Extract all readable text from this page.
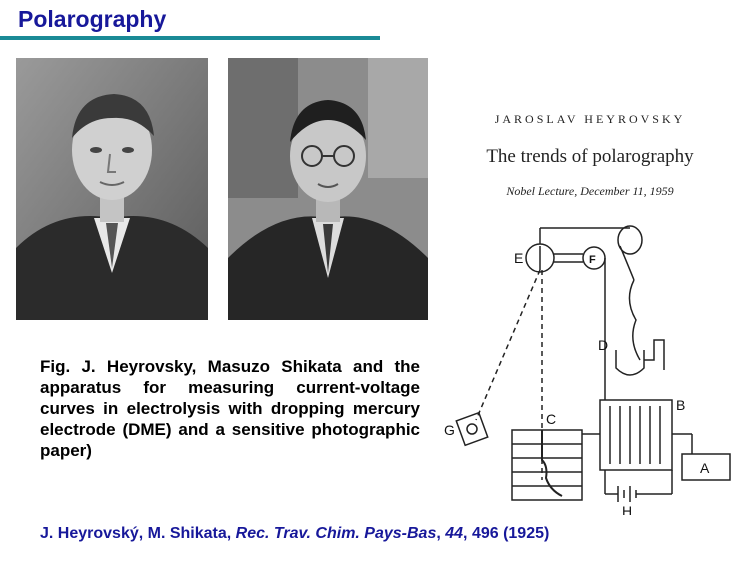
Polarography
Fig. J. Heyrovsky, Masuzo Shikata and the apparatus for measuring current-voltage curves in electrolysis with dropping mercury electrode (DME) and a sensitive photographic paper)
JAROSLAV HEYROVSKY
The trends of polarography
Nobel Lecture, December 11, 1959
E	F
D
B
G
C
A
H
J. Heyrovský, M. Shikata, Rec. Trav. Chim. Pays-Bas, 44, 496 (1925)
